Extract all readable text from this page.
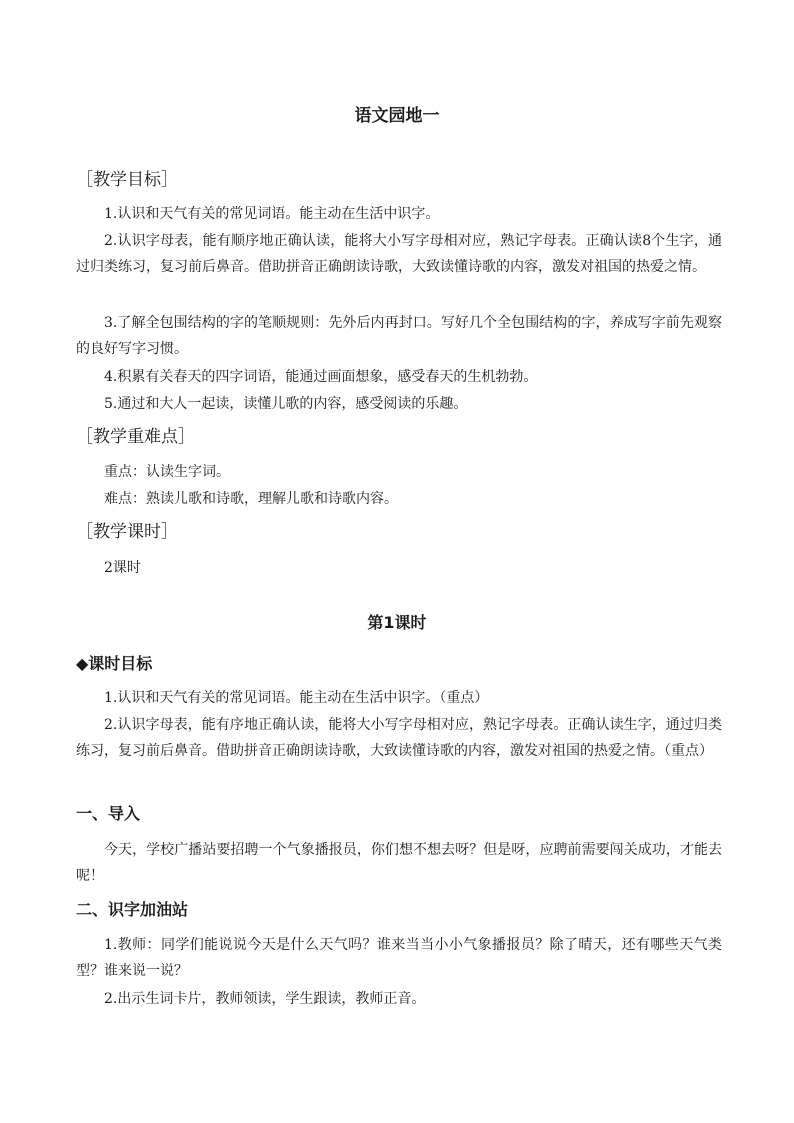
语文园地一
［教学目标］
1.认识和天气有关的常见词语。能主动在生活中识字。
2.认识字母表，能有顺序地正确认读，能将大小写字母相对应，熟记字母表。正确认读8个生字，通过归类练习，复习前后鼻音。借助拼音正确朗读诗歌，大致读懂诗歌的内容，激发对祖国的热爱之情。
3.了解全包围结构的字的笔顺规则：先外后内再封口。写好几个全包围结构的字，养成写字前先观察的良好写字习惯。
4.积累有关春天的四字词语，能通过画面想象，感受春天的生机勃勃。
5.通过和大人一起读，读懂儿歌的内容，感受阅读的乐趣。
［教学重难点］
重点：认读生字词。
难点：熟读儿歌和诗歌，理解儿歌和诗歌内容。
［教学课时］
2课时
第1课时
◆课时目标
1.认识和天气有关的常见词语。能主动在生活中识字。（重点）
2.认识字母表，能有序地正确认读，能将大小写字母相对应，熟记字母表。正确认读生字，通过归类练习，复习前后鼻音。借助拼音正确朗读诗歌，大致读懂诗歌的内容，激发对祖国的热爱之情。（重点）
一、导入
今天，学校广播站要招聘一个气象播报员，你们想不想去呀？但是呀，应聘前需要闯关成功，才能去呢！
二、识字加油站
1.教师：同学们能说说今天是什么天气吗？谁来当当小小气象播报员？除了晴天，还有哪些天气类型？谁来说一说？
2.出示生词卡片，教师领读，学生跟读，教师正音。
